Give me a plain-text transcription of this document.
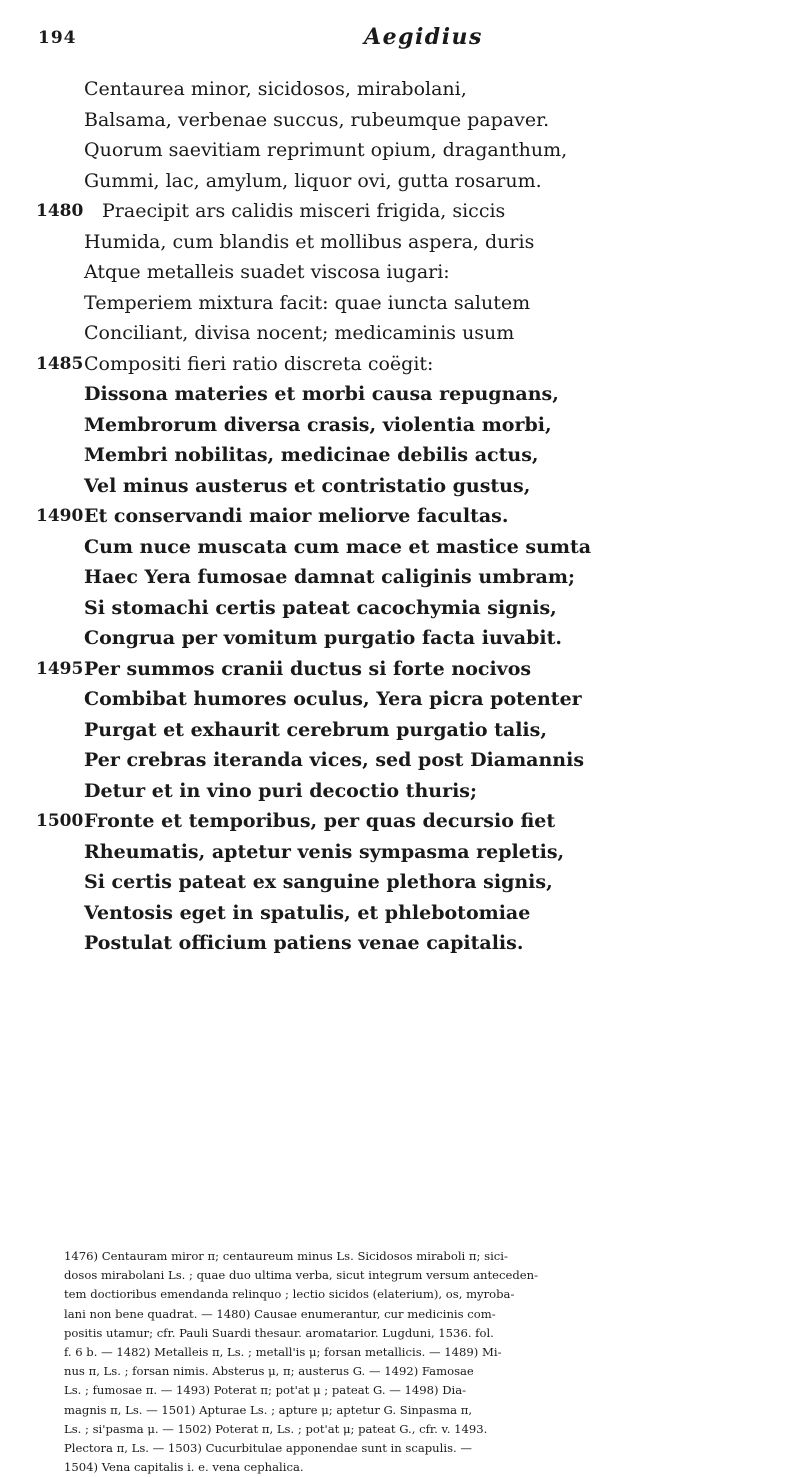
194	Aegidius
Centaurea minor, sicidosos, mirabolani,
Balsama, verbenae succus, rubeumque papaver.
Quorum saevitiam reprimunt opium, draganthum,
Gummi, lac, amylum, liquor ovi, gutta rosarum.
1480 Praecipit ars calidis misceri frigida, siccis
Humida, cum blandis et mollibus aspera, duris
Atque metalleis suadet viscosa iugari:
Temperiem mixtura facit: quae iuncta salutem
Conciliant, divisa nocent; medicaminis usum
1485 Compositi fieri ratio discreta coëgit:
Dissona materies et morbi causa repugnans,
Membrorum diversa crasis, violentia morbi,
Membri nobilitas, medicinae debilis actus,
Vel minus austerus et contristatio gustus,
1490 Et conservandi maior meliorve facultas.
Cum nuce muscata cum mace et mastice sumta
Haec Yera fumosae damnat caliginis umbram;
Si stomachi certis pateat cacochymia signis,
Congrua per vomitum purgatio facta iuvabit.
1495 Per summos cranii ductus si forte nocivos
Combibat humores oculus, Yera picra potenter
Purgat et exhaurit cerebrum purgatio talis,
Per crebras iteranda vices, sed post Diamannis
Detur et in vino puri decoctio thuris;
1500 Fronte et temporibus, per quas decursio fiet
Rheumatis, aptetur venis sympasma repletis,
Si certis pateat ex sanguine plethora signis,
Ventosis eget in spatulis, et phlebotomiae
Postulat officium patiens venae capitalis.
1476) Centauram miror π; centaureum minus Ls. Sicidosos miraboli π; sici-
dosos mirabolani Ls. ; quae duo ultima verba, sicut integrum versum anteceden-
tem doctioribus emendanda relinquo ; lectio sicidos (elaterium), os, myroba-
lani non bene quadrat. — 1480) Causae enumerantur, cur medicinis com-
positis utamur; cfr. Pauli Suardi thesaur. aromatarior. Lugduni, 1536. fol.
f. 6 b. — 1482) Metalleis π, Ls. ; metall'is μ; forsan metallicis. — 1489) Mi-
nus π, Ls. ; forsan nimis. Absterus μ, π; austerus G. — 1492) Famosae
Ls. ; fumosae π. — 1493) Poterat π; pot'at μ ; pateat G. — 1498) Dia-
magnis π, Ls. — 1501) Apturae Ls. ; apture μ; aptetur G. Sinpasma π,
Ls. ; si'pasma μ. — 1502) Poterat π, Ls. ; pot'at μ; pateat G., cfr. v. 1493.
Plectora π, Ls. — 1503) Cucurbitulae apponendae sunt in scapulis. —
1504) Vena capitalis i. e. vena cephalica.
